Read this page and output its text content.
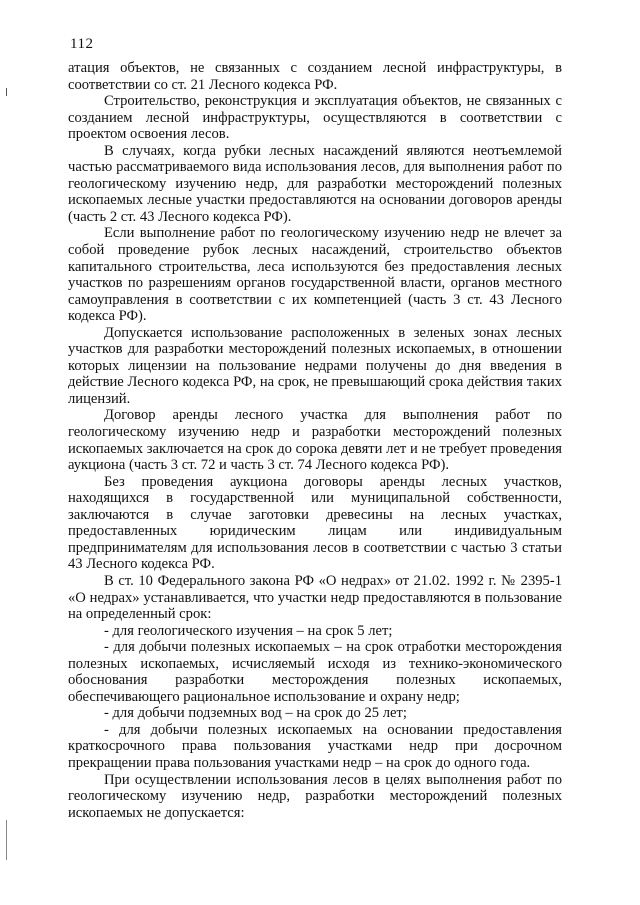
112

атация объектов, не связанных с созданием лесной инфраструктуры, в соответствии со ст. 21 Лесного кодекса РФ.

Строительство, реконструкция и эксплуатация объектов, не связанных с созданием лесной инфраструктуры, осуществляются в соответствии с проектом освоения лесов.

В случаях, когда рубки лесных насаждений являются неотъемлемой частью рассматриваемого вида использования лесов, для выполнения работ по геологическому изучению недр, для разработки месторождений полезных ископаемых лесные участки предоставляются на основании договоров аренды (часть 2 ст. 43 Лесного кодекса РФ).

Если выполнение работ по геологическому изучению недр не влечет за собой проведение рубок лесных насаждений, строительство объектов капитального строительства, леса используются без предоставления лесных участков по разрешениям органов государственной власти, органов местного самоуправления в соответствии с их компетенцией (часть 3 ст. 43 Лесного кодекса РФ).

Допускается использование расположенных в зеленых зонах лесных участков для разработки месторождений полезных ископаемых, в отношении которых лицензии на пользование недрами получены до дня введения в действие Лесного кодекса РФ, на срок, не превышающий срока действия таких лицензий.

Договор аренды лесного участка для выполнения работ по геологическому изучению недр и разработки месторождений полезных ископаемых заключается на срок до сорока девяти лет и не требует проведения аукциона (часть 3 ст. 72 и часть 3 ст. 74 Лесного кодекса РФ).

Без проведения аукциона договоры аренды лесных участков, находящихся в государственной или муниципальной собственности, заключаются в случае заготовки древесины на лесных участках, предоставленных юридическим лицам или индивидуальным предпринимателям для использования лесов в соответствии с частью 3 статьи 43 Лесного кодекса РФ.

В ст. 10 Федерального закона РФ «О недрах» от 21.02. 1992 г. № 2395-1 «О недрах» устанавливается, что участки недр предоставляются в пользование на определенный срок:

- для геологического изучения – на срок 5 лет;

- для добычи полезных ископаемых – на срок отработки месторождения полезных ископаемых, исчисляемый исходя из технико-экономического обоснования разработки месторождения полезных ископаемых, обеспечивающего рациональное использование и охрану недр;

- для добычи подземных вод – на срок до 25 лет;

- для добычи полезных ископаемых на основании предоставления краткосрочного права пользования участками недр при досрочном прекращении права пользования участками недр – на срок до одного года.

При осуществлении использования лесов в целях выполнения работ по геологическому изучению недр, разработки месторождений полезных ископаемых не допускается:
